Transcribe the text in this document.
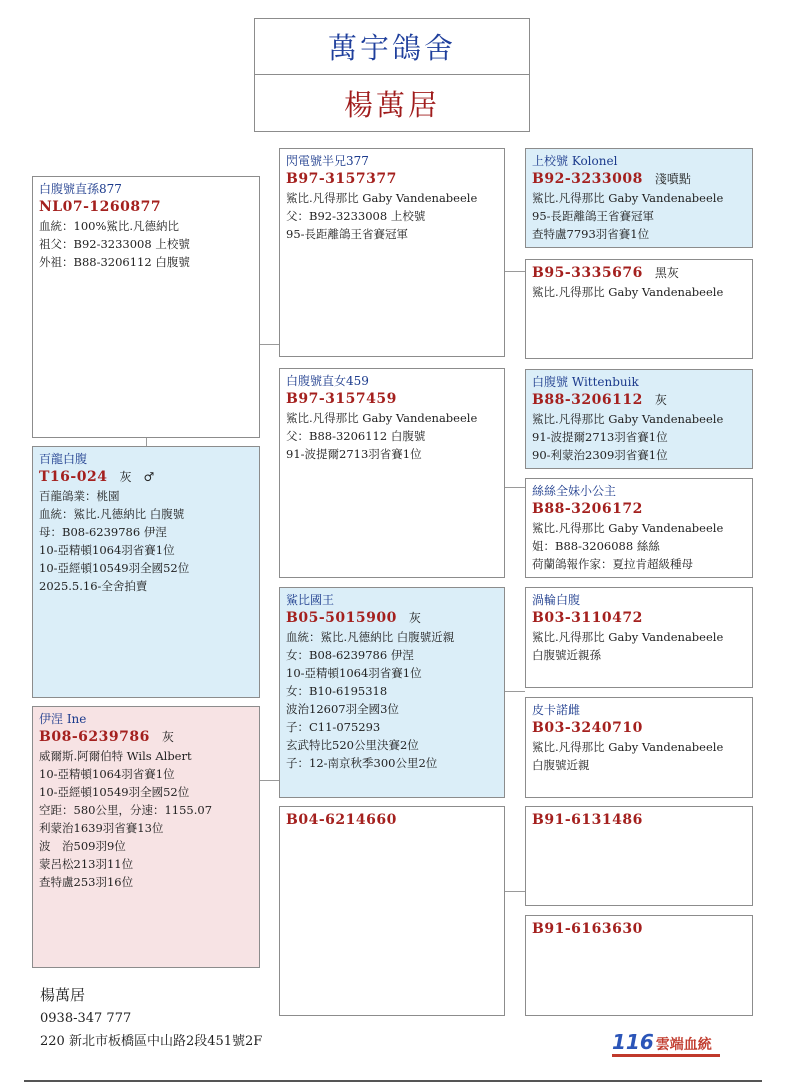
萬宇鴿舍
楊萬居
白腹號直孫877
NL07-1260877
血統：100%鯊比.凡德納比
祖父：B92-3233008 上校號
外祖：B88-3206112 白腹號
百龍白腹
T16-024 灰　♂
百龍鴿業：桃園
血統：鯊比.凡德納比 白腹號
母：B08-6239786 伊涅
10-亞精頓1064羽省賽1位
10-亞經頓10549羽全國52位
2025.5.16-全舍拍賣
伊涅 Ine
B08-6239786 灰
威爾斯.阿爾伯特 Wils Albert
10-亞精頓1064羽省賽1位
10-亞經頓10549羽全國52位
空距：580公里，分速：1155.07
利蒙治1639羽省賽13位
波　治509羽9位
蒙呂松213羽11位
查特盧253羽16位
閃電號半兄377
B97-3157377
鯊比.凡得那比 Gaby Vandenabeele
父：B92-3233008 上校號
95-長距離鴿王省賽冠軍
白腹號直女459
B97-3157459
鯊比.凡得那比 Gaby Vandenabeele
父：B88-3206112 白腹號
91-波提爾2713羽省賽1位
鯊比國王
B05-5015900 灰
血統：鯊比.凡德納比 白腹號近親
女：B08-6239786 伊涅
10-亞精頓1064羽省賽1位
女：B10-6195318
波治12607羽全國3位
子：C11-075293
玄武特比520公里決賽2位
子：12-南京秋季300公里2位
B04-6214660
上校號 Kolonel
B92-3233008 淺噴點
鯊比.凡得那比 Gaby Vandenabeele
95-長距離鴿王省賽冠軍
查特盧7793羽省賽1位
B95-3335676 黑灰
鯊比.凡得那比 Gaby Vandenabeele
白腹號 Wittenbuik
B88-3206112 灰
鯊比.凡得那比 Gaby Vandenabeele
91-波提爾2713羽省賽1位
90-利蒙治2309羽省賽1位
絲絲全妹小公主
B88-3206172
鯊比.凡得那比 Gaby Vandenabeele
姐：B88-3206088 絲絲
荷蘭鴿報作家：夏拉肯超級種母
渦輪白腹
B03-3110472
鯊比.凡得那比 Gaby Vandenabeele
白腹號近親孫
皮卡諾雌
B03-3240710
鯊比.凡得那比 Gaby Vandenabeele
白腹號近親
B91-6131486
B91-6163630
楊萬居
0938-347 777
220 新北市板橋區中山路2段451號2F	116 雲端血統
